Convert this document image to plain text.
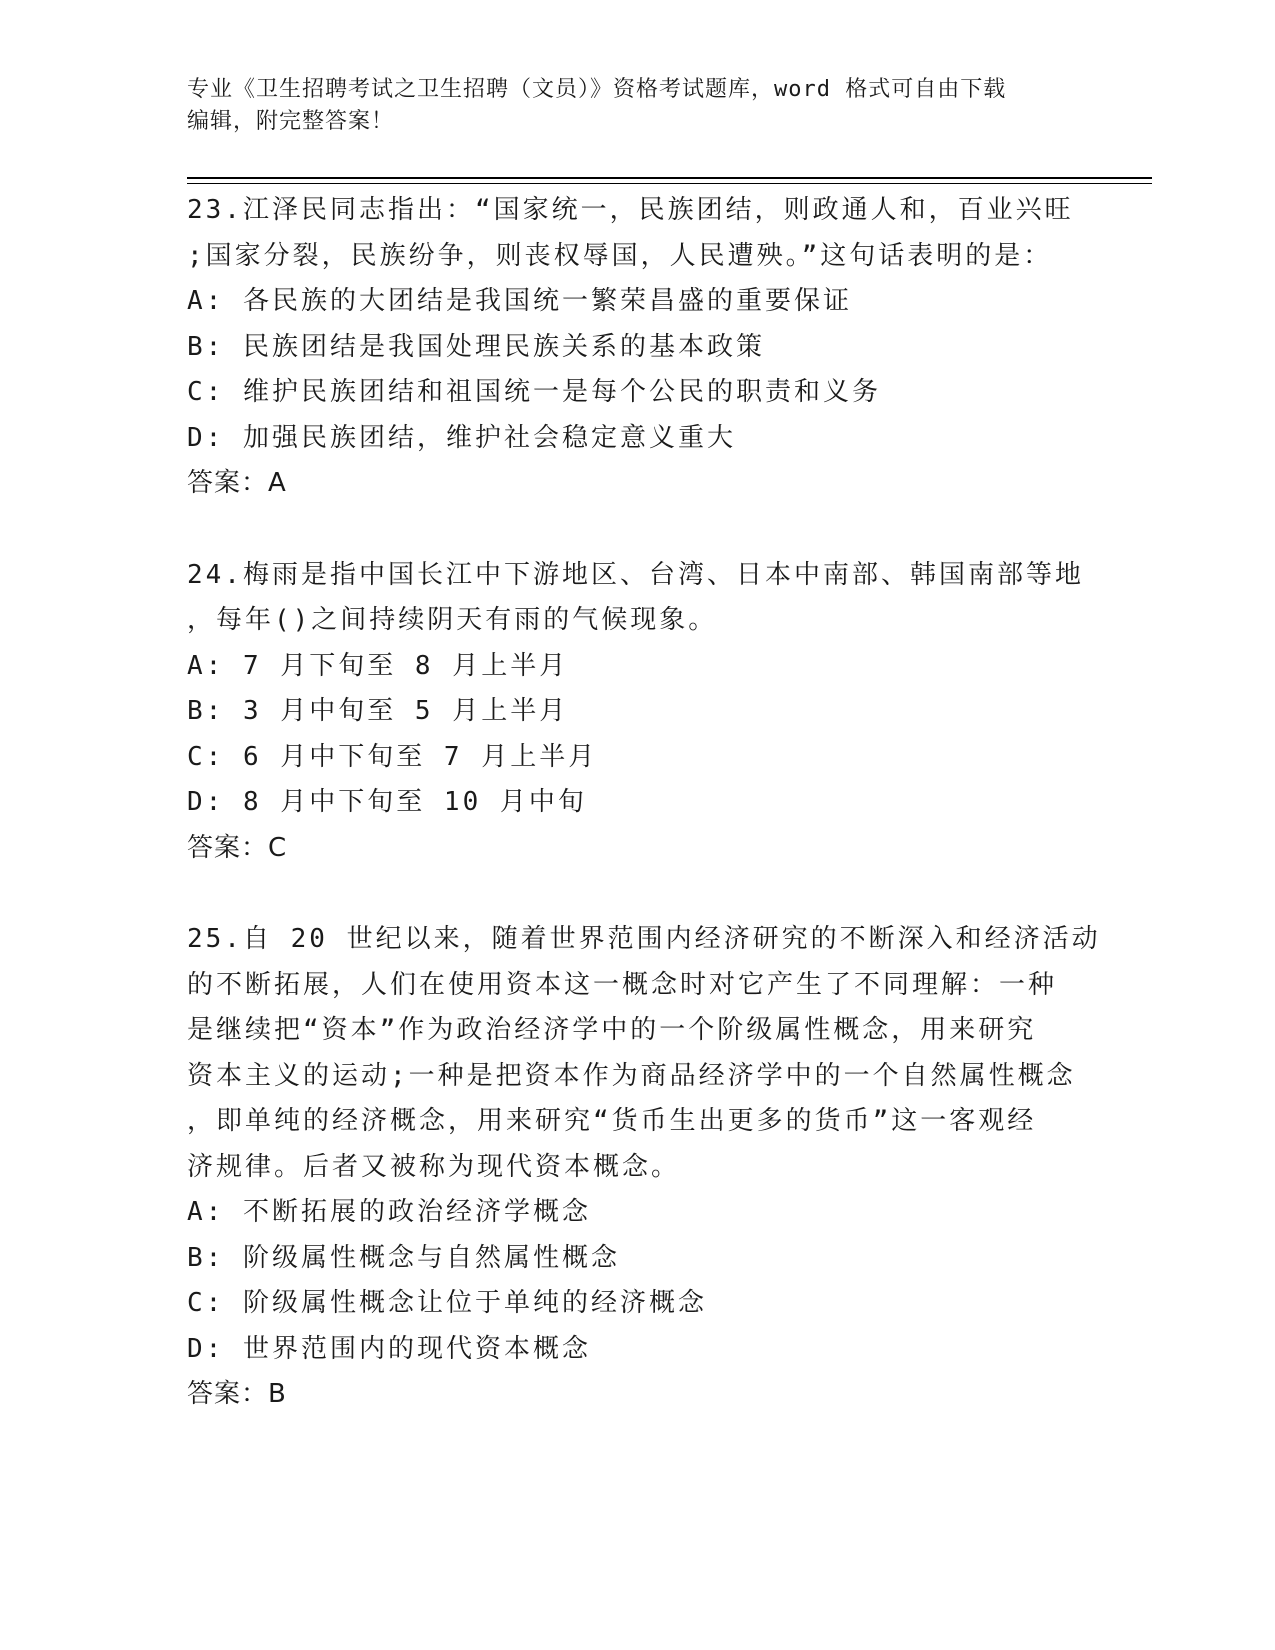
专业《卫生招聘考试之卫生招聘（文员）》资格考试题库，word 格式可自由下载
编辑，附完整答案！
23.江泽民同志指出：“国家统一，民族团结，则政通人和，百业兴旺
;国家分裂，民族纷争，则丧权辱国，人民遭殃。”这句话表明的是：
A: 各民族的大团结是我国统一繁荣昌盛的重要保证
B: 民族团结是我国处理民族关系的基本政策
C: 维护民族团结和祖国统一是每个公民的职责和义务
D: 加强民族团结，维护社会稳定意义重大
答案：A
24.梅雨是指中国长江中下游地区、台湾、日本中南部、韩国南部等地
，每年()之间持续阴天有雨的气候现象。
A: 7 月下旬至 8 月上半月
B: 3 月中旬至 5 月上半月
C: 6 月中下旬至 7 月上半月
D: 8 月中下旬至 10 月中旬
答案：C
25.自 20 世纪以来，随着世界范围内经济研究的不断深入和经济活动
的不断拓展，人们在使用资本这一概念时对它产生了不同理解：一种
是继续把“资本”作为政治经济学中的一个阶级属性概念，用来研究
资本主义的运动;一种是把资本作为商品经济学中的一个自然属性概念
，即单纯的经济概念，用来研究“货币生出更多的货币”这一客观经
济规律。后者又被称为现代资本概念。
A: 不断拓展的政治经济学概念
B: 阶级属性概念与自然属性概念
C: 阶级属性概念让位于单纯的经济概念
D: 世界范围内的现代资本概念
答案：B
